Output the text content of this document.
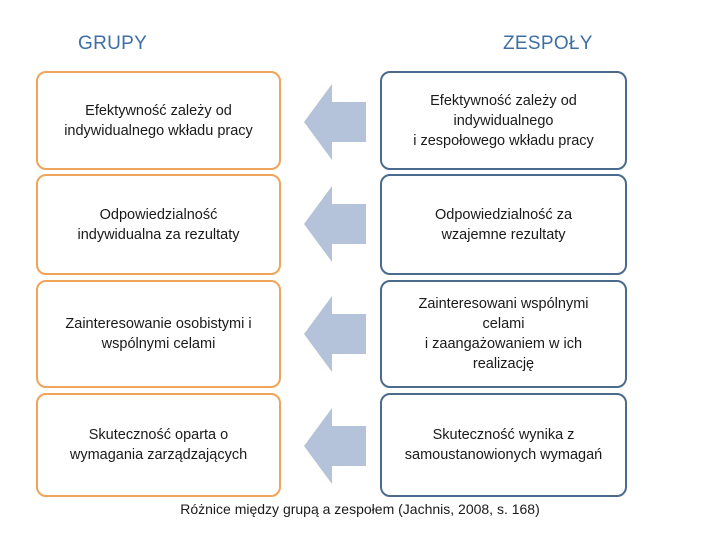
GRUPY	ZESPOŁY
Efektywność zależy od
indywidualnego wkładu pracy
Efektywność zależy od
indywidualnego
i zespołowego wkładu pracy
Odpowiedzialność
indywidualna za rezultaty
Odpowiedzialność za
wzajemne rezultaty
Zainteresowanie osobistymi i
wspólnymi celami
Zainteresowani wspólnymi
celami
i zaangażowaniem w ich
realizację
Skuteczność oparta o
wymagania zarządzających
Skuteczność wynika z
samoustanowionych wymagań
Różnice między grupą a zespołem (Jachnis, 2008, s. 168)
